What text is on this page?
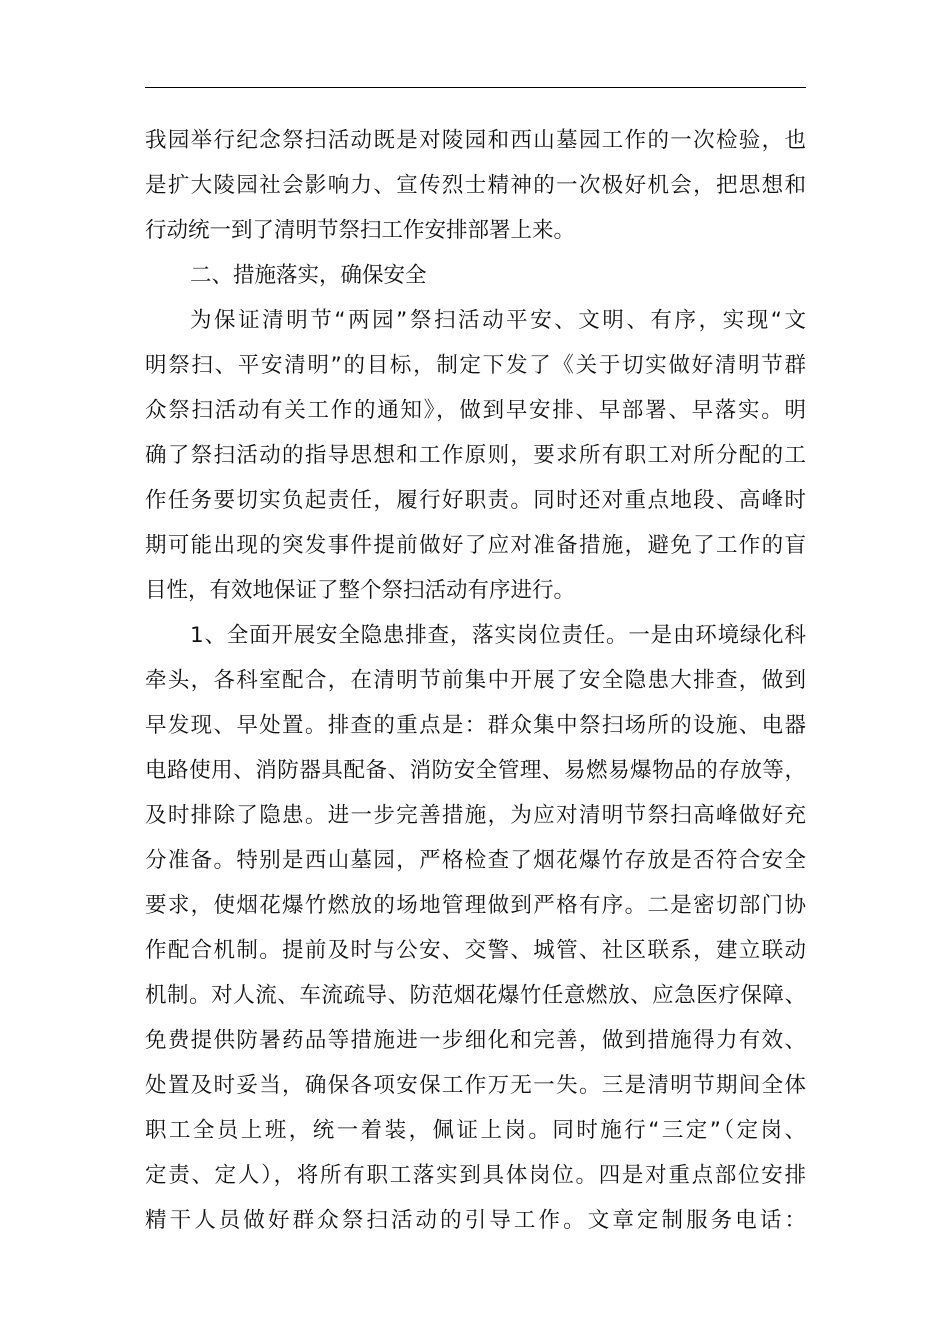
我园举行纪念祭扫活动既是对陵园和西山墓园工作的一次检验，也
是扩大陵园社会影响力、宣传烈士精神的一次极好机会，把思想和
行动统一到了清明节祭扫工作安排部署上来。
二、措施落实，确保安全
为保证清明节“两园”祭扫活动平安、文明、有序，实现“文
明祭扫、平安清明”的目标，制定下发了《关于切实做好清明节群
众祭扫活动有关工作的通知》，做到早安排、早部署、早落实。明
确了祭扫活动的指导思想和工作原则，要求所有职工对所分配的工
作任务要切实负起责任，履行好职责。同时还对重点地段、高峰时
期可能出现的突发事件提前做好了应对准备措施，避免了工作的盲
目性，有效地保证了整个祭扫活动有序进行。
1、全面开展安全隐患排查，落实岗位责任。一是由环境绿化科
牵头，各科室配合，在清明节前集中开展了安全隐患大排查，做到
早发现、早处置。排查的重点是：群众集中祭扫场所的设施、电器
电路使用、消防器具配备、消防安全管理、易燃易爆物品的存放等，
及时排除了隐患。进一步完善措施，为应对清明节祭扫高峰做好充
分准备。特别是西山墓园，严格检查了烟花爆竹存放是否符合安全
要求，使烟花爆竹燃放的场地管理做到严格有序。二是密切部门协
作配合机制。提前及时与公安、交警、城管、社区联系，建立联动
机制。对人流、车流疏导、防范烟花爆竹任意燃放、应急医疗保障、
免费提供防暑药品等措施进一步细化和完善，做到措施得力有效、
处置及时妥当，确保各项安保工作万无一失。三是清明节期间全体
职工全员上班，统一着装，佩证上岗。同时施行“三定”（定岗、
定责、定人），将所有职工落实到具体岗位。四是对重点部位安排
精干人员做好群众祭扫活动的引导工作。文章定制服务电话：
